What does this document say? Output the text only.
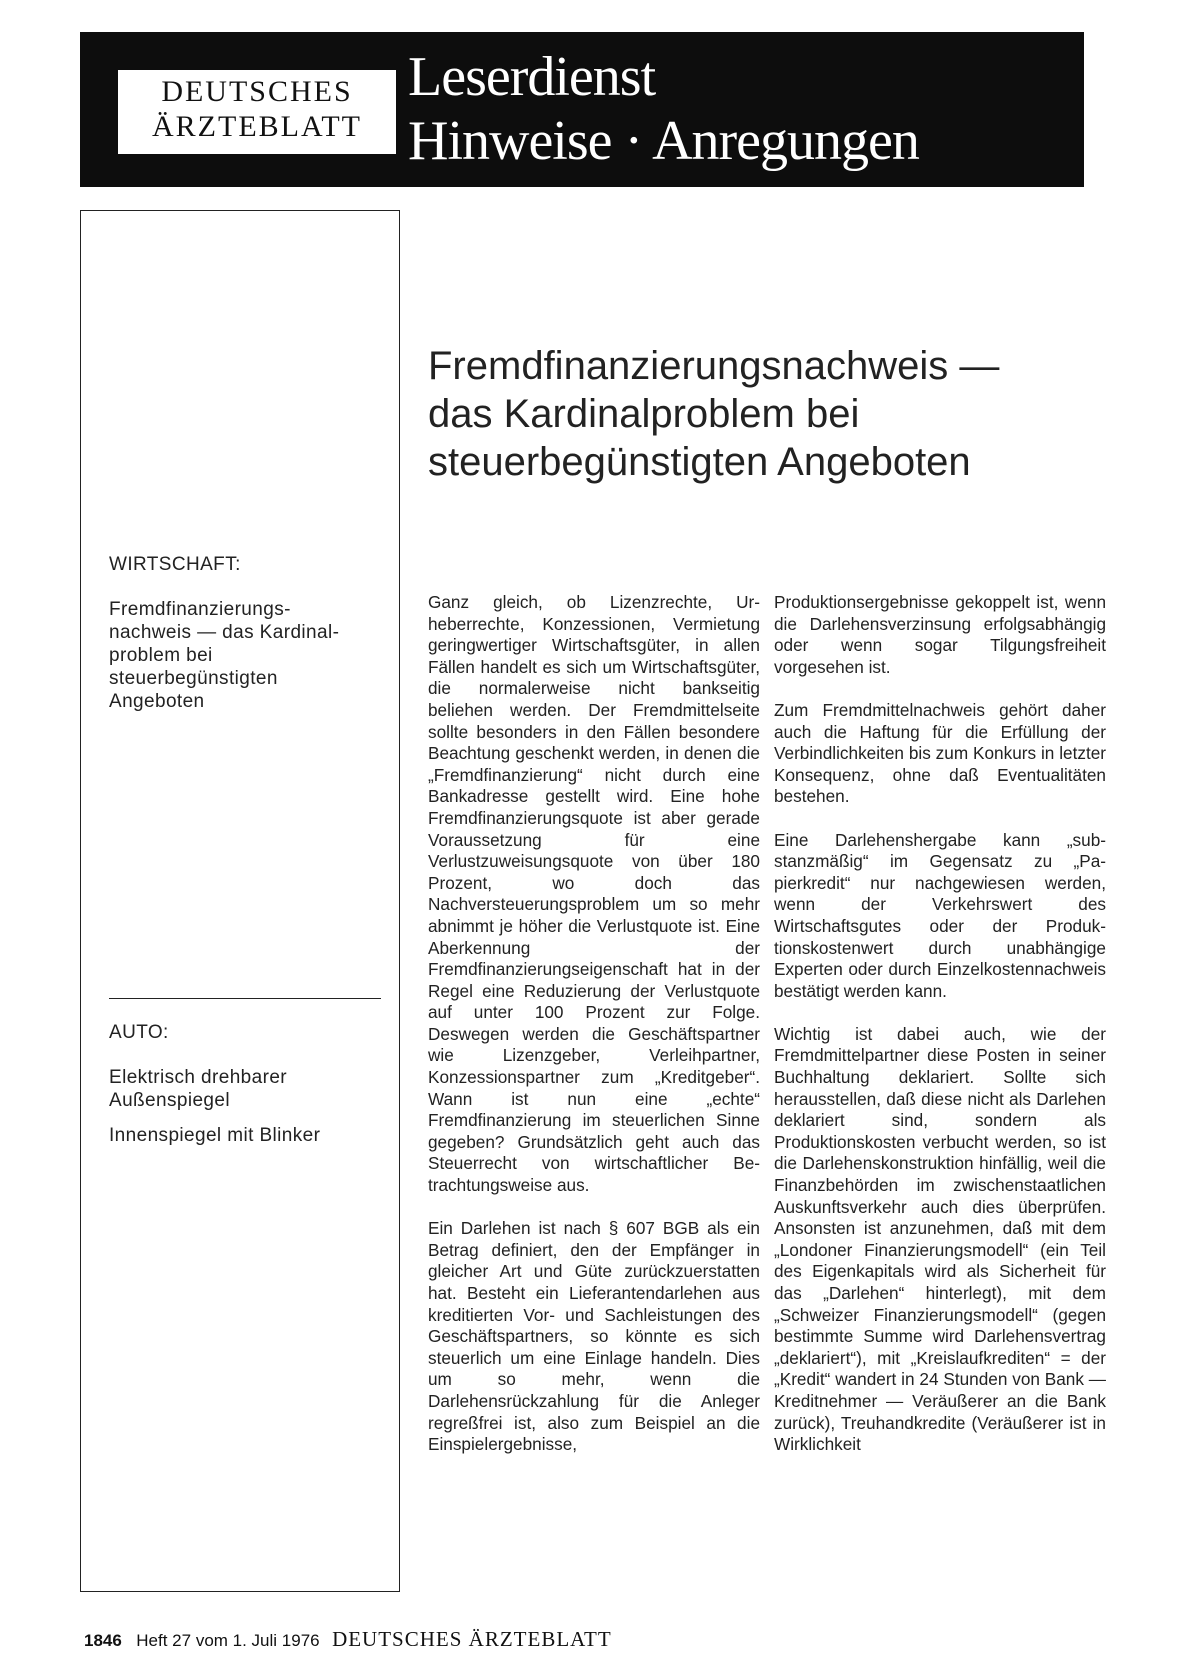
DEUTSCHES
ÄRZTEBLATT
Leserdienst
Hinweise · Anregungen
WIRTSCHAFT:
Fremdfinanzierungs-
nachweis — das Kardinal-
problem bei
steuerbegünstigten
Angeboten
AUTO:
Elektrisch drehbarer
Außenspiegel
Innenspiegel mit Blinker
Fremdfinanzierungsnachweis —
das Kardinalproblem bei
steuerbegünstigten Angeboten

Ganz gleich, ob Lizenzrechte, Urheberrechte, Konzessionen, Vermietung geringwertiger Wirtschaftsgüter, in allen Fällen handelt es sich um Wirtschaftsgüter, die normalerweise nicht bankseitig beliehen werden. Der Fremdmittelseite sollte besonders in den Fällen besondere Beachtung geschenkt werden, in denen die „Fremdfinanzierung“ nicht durch eine Bankadresse gestellt wird. Eine hohe Fremdfinanzierungsquote ist aber gerade Voraussetzung für eine Verlustzuweisungsquote von über 180 Prozent, wo doch das Nachversteuerungsproblem um so mehr abnimmt je höher die Verlustquote ist. Eine Aberkennung der Fremdfinanzierungseigenschaft hat in der Regel eine Reduzierung der Verlustquote auf unter 100 Prozent zur Folge. Deswegen werden die Geschäftspartner wie Lizenzgeber, Verleihpartner, Konzessionspartner zum „Kreditgeber“. Wann ist nun eine „echte“ Fremdfinanzierung im steuerlichen Sinne gegeben? Grundsätzlich geht auch das Steuerrecht von wirtschaftlicher Betrachtungsweise aus.

Ein Darlehen ist nach § 607 BGB als ein Betrag definiert, den der Empfänger in gleicher Art und Güte zurückzuerstatten hat. Besteht ein Lieferantendarlehen aus kreditierten Vor- und Sachleistungen des Geschäftspartners, so könnte es sich steuerlich um eine Einlage handeln. Dies um so mehr, wenn die Darlehensrückzahlung für die Anleger regreßfrei ist, also zum Beispiel an die Einspielergebnisse,

Produktionsergebnisse gekoppelt ist, wenn die Darlehensverzinsung erfolgsabhängig oder wenn sogar Tilgungsfreiheit vorgesehen ist.

Zum Fremdmittelnachweis gehört daher auch die Haftung für die Erfüllung der Verbindlichkeiten bis zum Konkurs in letzter Konsequenz, ohne daß Eventualitäten bestehen.

Eine Darlehenshergabe kann „substanzmäßig“ im Gegensatz zu „Papierkredit“ nur nachgewiesen werden, wenn der Verkehrswert des Wirtschaftsgutes oder der Produktionskostenwert durch unabhängige Experten oder durch Einzelkostennachweis bestätigt werden kann.

Wichtig ist dabei auch, wie der Fremdmittelpartner diese Posten in seiner Buchhaltung deklariert. Sollte sich herausstellen, daß diese nicht als Darlehen deklariert sind, sondern als Produktionskosten verbucht werden, so ist die Darlehenskonstruktion hinfällig, weil die Finanzbehörden im zwischenstaatlichen Auskunftsverkehr auch dies überprüfen. Ansonsten ist anzunehmen, daß mit dem „Londoner Finanzierungsmodell“ (ein Teil des Eigenkapitals wird als Sicherheit für das „Darlehen“ hinterlegt), mit dem „Schweizer Finanzierungsmodell“ (gegen bestimmte Summe wird Darlehensvertrag „deklariert“), mit „Kreislaufkrediten“ = der „Kredit“ wandert in 24 Stunden von Bank — Kreditnehmer — Veräußerer an die Bank zurück), Treuhandkredite (Veräußerer ist in Wirklichkeit

1846 Heft 27 vom 1. Juli 1976 DEUTSCHES ÄRZTEBLATT
